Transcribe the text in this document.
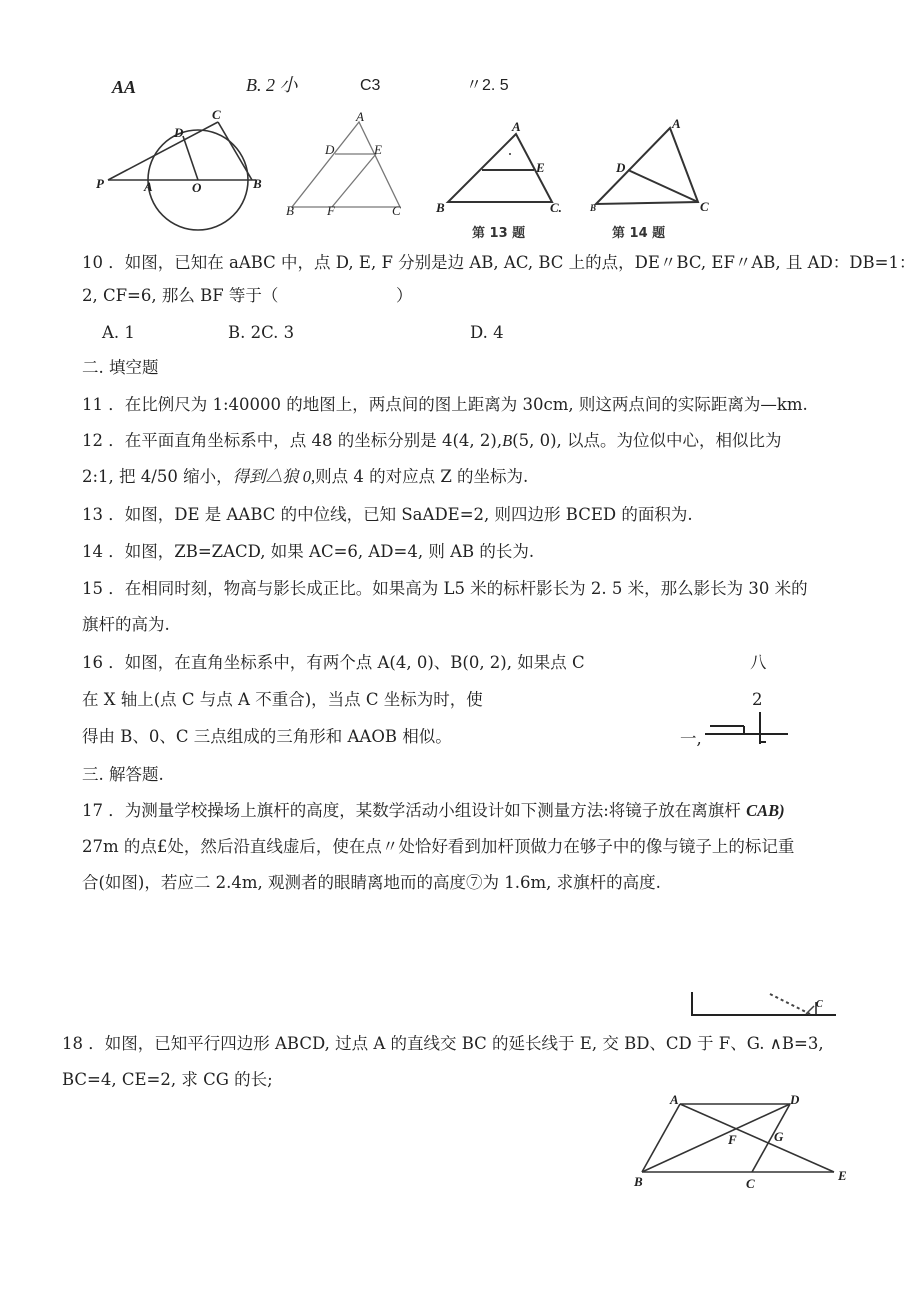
AA	B. 2 小	C3	〃2. 5
C
D
P	A	O	B
A
D	E
B	F	C
A
E
B	C.
第 13 题
A
D
B	C
第 14 题
10 ．如图，已知在 aABC 中，点 D, E, F 分别是边 AB, AC, BC 上的点，DE〃BC, EF〃AB, 且 AD：DB=1：
2, CF=6, 那么 BF 等于（	）
A. 1	B. 2C. 3	D. 4
二. 填空题
11 ．在比例尺为 1:40000 的地图上，两点间的图上距离为 30cm, 则这两点间的实际距离为—km.
12 ．在平面直角坐标系中，点 48 的坐标分别是 4(4, 2),B(5, 0), 以点。为位似中心，相似比为
2:1, 把 4/50 缩小，得到△狼 0,则点 4 的对应点 Z 的坐标为.
13 ．如图，DE 是 AABC 的中位线，已知 SaADE=2, 则四边形 BCED 的面积为.
14 ．如图，ZB=ZACD, 如果 AC=6, AD=4, 则 AB 的长为.
15 ．在相同时刻，物高与影长成正比。如果高为 L5 米的标杆影长为 2. 5 米，那么影长为 30 米的
旗杆的高为.
16 ．如图，在直角坐标系中，有两个点 A(4, 0)、B(0, 2), 如果点 C
在 X 轴上(点 C 与点 A 不重合)，当点 C 坐标为时，使
得由 B、0、C 三点组成的三角形和 AAOB 相似。
八
2
一,
三. 解答题.
17 ．为测量学校操场上旗杆的高度，某数学活动小组设计如下测量方法:将镜子放在离旗杆 CAB)
27m 的点£处，然后沿直线虚后，使在点〃处恰好看到加杆顶做力在够子中的像与镜子上的标记重
合(如图)，若应二 2.4m, 观测者的眼睛离地而的高度⑦为 1.6m, 求旗杆的高度.
C
18 ．如图，已知平行四边形 ABCD, 过点 A 的直线交 BC 的延长线于 E, 交 BD、CD 于 F、G. ∧B=3,
BC=4, CE=2, 求 CG 的长;
A	D
F	G
B	C
E
